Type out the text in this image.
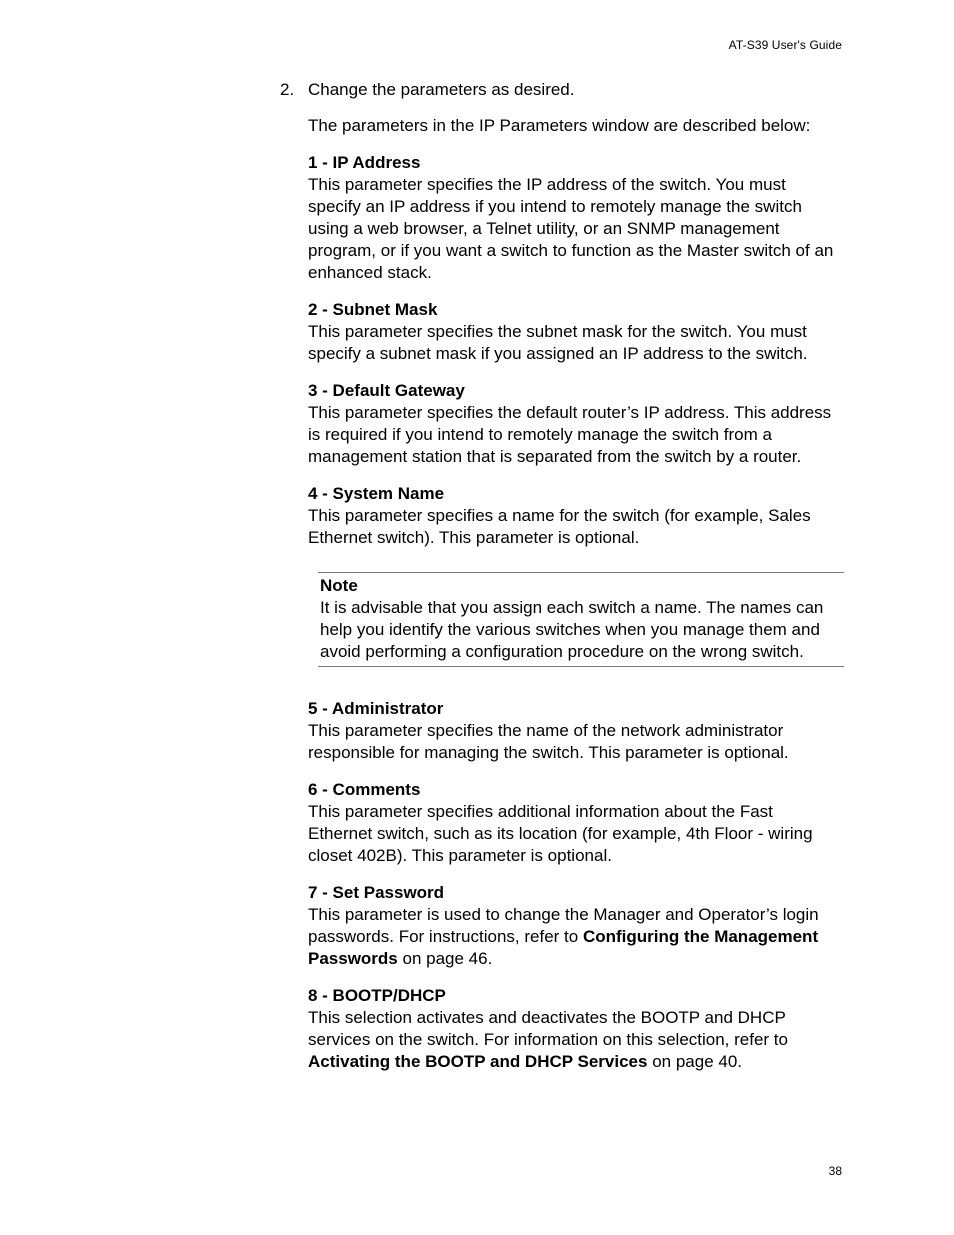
AT-S39 User's Guide
2. Change the parameters as desired.

The parameters in the IP Parameters window are described below:

1 - IP Address

This parameter specifies the IP address of the switch. You must specify an IP address if you intend to remotely manage the switch using a web browser, a Telnet utility, or an SNMP management program, or if you want a switch to function as the Master switch of an enhanced stack.

2 - Subnet Mask

This parameter specifies the subnet mask for the switch. You must specify a subnet mask if you assigned an IP address to the switch.

3 - Default Gateway

This parameter specifies the default router’s IP address. This address is required if you intend to remotely manage the switch from a management station that is separated from the switch by a router.

4 - System Name

This parameter specifies a name for the switch (for example, Sales Ethernet switch). This parameter is optional.

Note

It is advisable that you assign each switch a name. The names can help you identify the various switches when you manage them and avoid performing a configuration procedure on the wrong switch.

5 - Administrator

This parameter specifies the name of the network administrator responsible for managing the switch. This parameter is optional.

6 - Comments

This parameter specifies additional information about the Fast Ethernet switch, such as its location (for example, 4th Floor - wiring closet 402B). This parameter is optional.

7 - Set Password

This parameter is used to change the Manager and Operator’s login passwords. For instructions, refer to Configuring the Management Passwords on page 46.

8 - BOOTP/DHCP

This selection activates and deactivates the BOOTP and DHCP services on the switch. For information on this selection, refer to Activating the BOOTP and DHCP Services on page 40.

38
